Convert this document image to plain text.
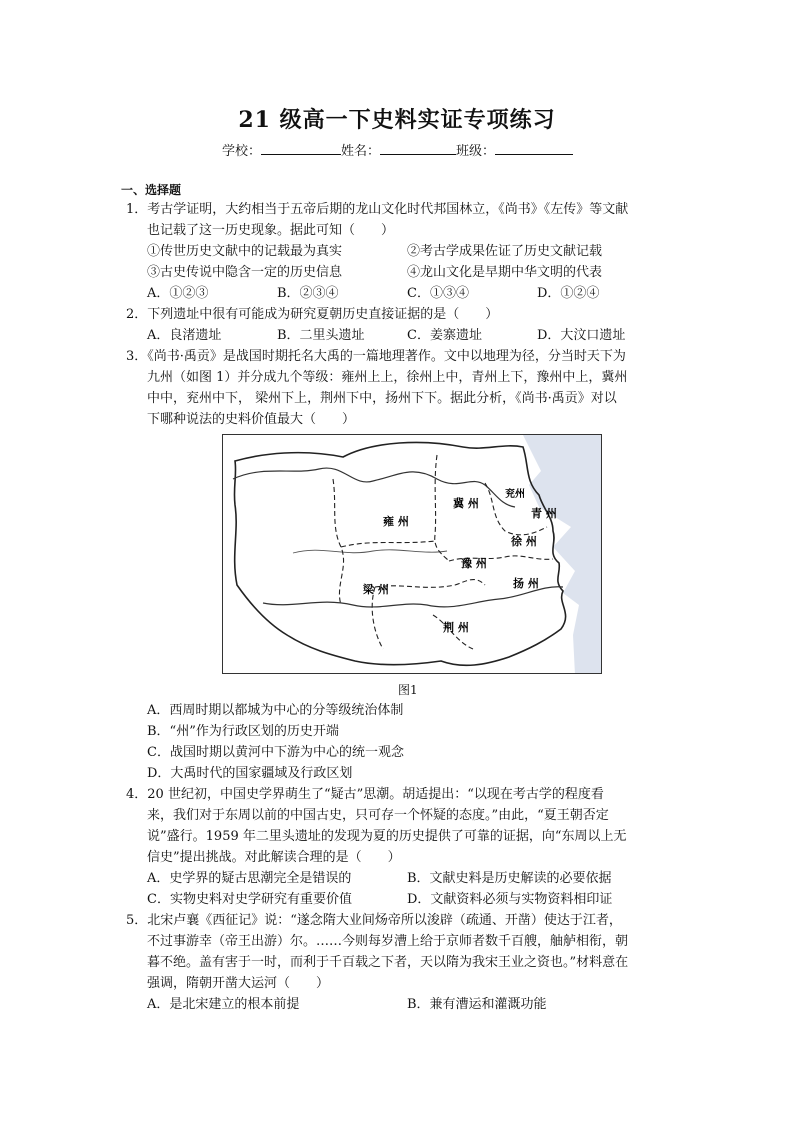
21 级高一下史料实证专项练习
学校：	姓名：	班级：
一、选择题
1．考古学证明，大约相当于五帝后期的龙山文化时代邦国林立，《尚书》《左传》等文献
也记载了这一历史现象。据此可知（　　）
①传世历史文献中的记载最为真实	②考古学成果佐证了历史文献记载
③古史传说中隐含一定的历史信息	④龙山文化是早期中华文明的代表
A．①②③	B．②③④	C．①③④	D．①②④
2．下列遗址中很有可能成为研究夏朝历史直接证据的是（　　）
A．良渚遗址	B．二里头遗址	C．姜寨遗址	D．大汶口遗址
3．《尚书·禹贡》是战国时期托名大禹的一篇地理著作。文中以地理为径，分当时天下为
九州（如图 1）并分成九个等级：雍州上上，徐州上中，青州上下，豫州中上，冀州
中中，兖州中下， 梁州下上，荆州下中，扬州下下。据此分析，《尚书·禹贡》对以
下哪种说法的史料价值最大（　　）
雍 州
冀 州
兖州
青 州
徐 州
豫 州
扬 州
梁 州
荆 州
图1
A．西周时期以都城为中心的分等级统治体制
B．“州”作为行政区划的历史开端
C．战国时期以黄河中下游为中心的统一观念
D．大禹时代的国家疆域及行政区划
4．20 世纪初，中国史学界萌生了“疑古”思潮。胡适提出：“以现在考古学的程度看
来，我们对于东周以前的中国古史，只可存一个怀疑的态度。”由此，“夏王朝否定
说”盛行。1959 年二里头遗址的发现为夏的历史提供了可靠的证据，向“东周以上无
信史”提出挑战。对此解读合理的是（　　）
A．史学界的疑古思潮完全是错误的	B．文献史料是历史解读的必要依据
C．实物史料对史学研究有重要价值	D．文献资料必须与实物资料相印证
5．北宋卢襄《西征记》说：“遂念隋大业间炀帝所以浚辟（疏通、开凿）使达于江者，
不过事游幸（帝王出游）尔。……今则每岁漕上给于京师者数千百艘，舳舻相衔，朝
暮不绝。盖有害于一时，而利于千百载之下者，天以隋为我宋王业之资也。”材料意在
强调，隋朝开凿大运河（　　）
A．是北宋建立的根本前提	B．兼有漕运和灌溉功能
